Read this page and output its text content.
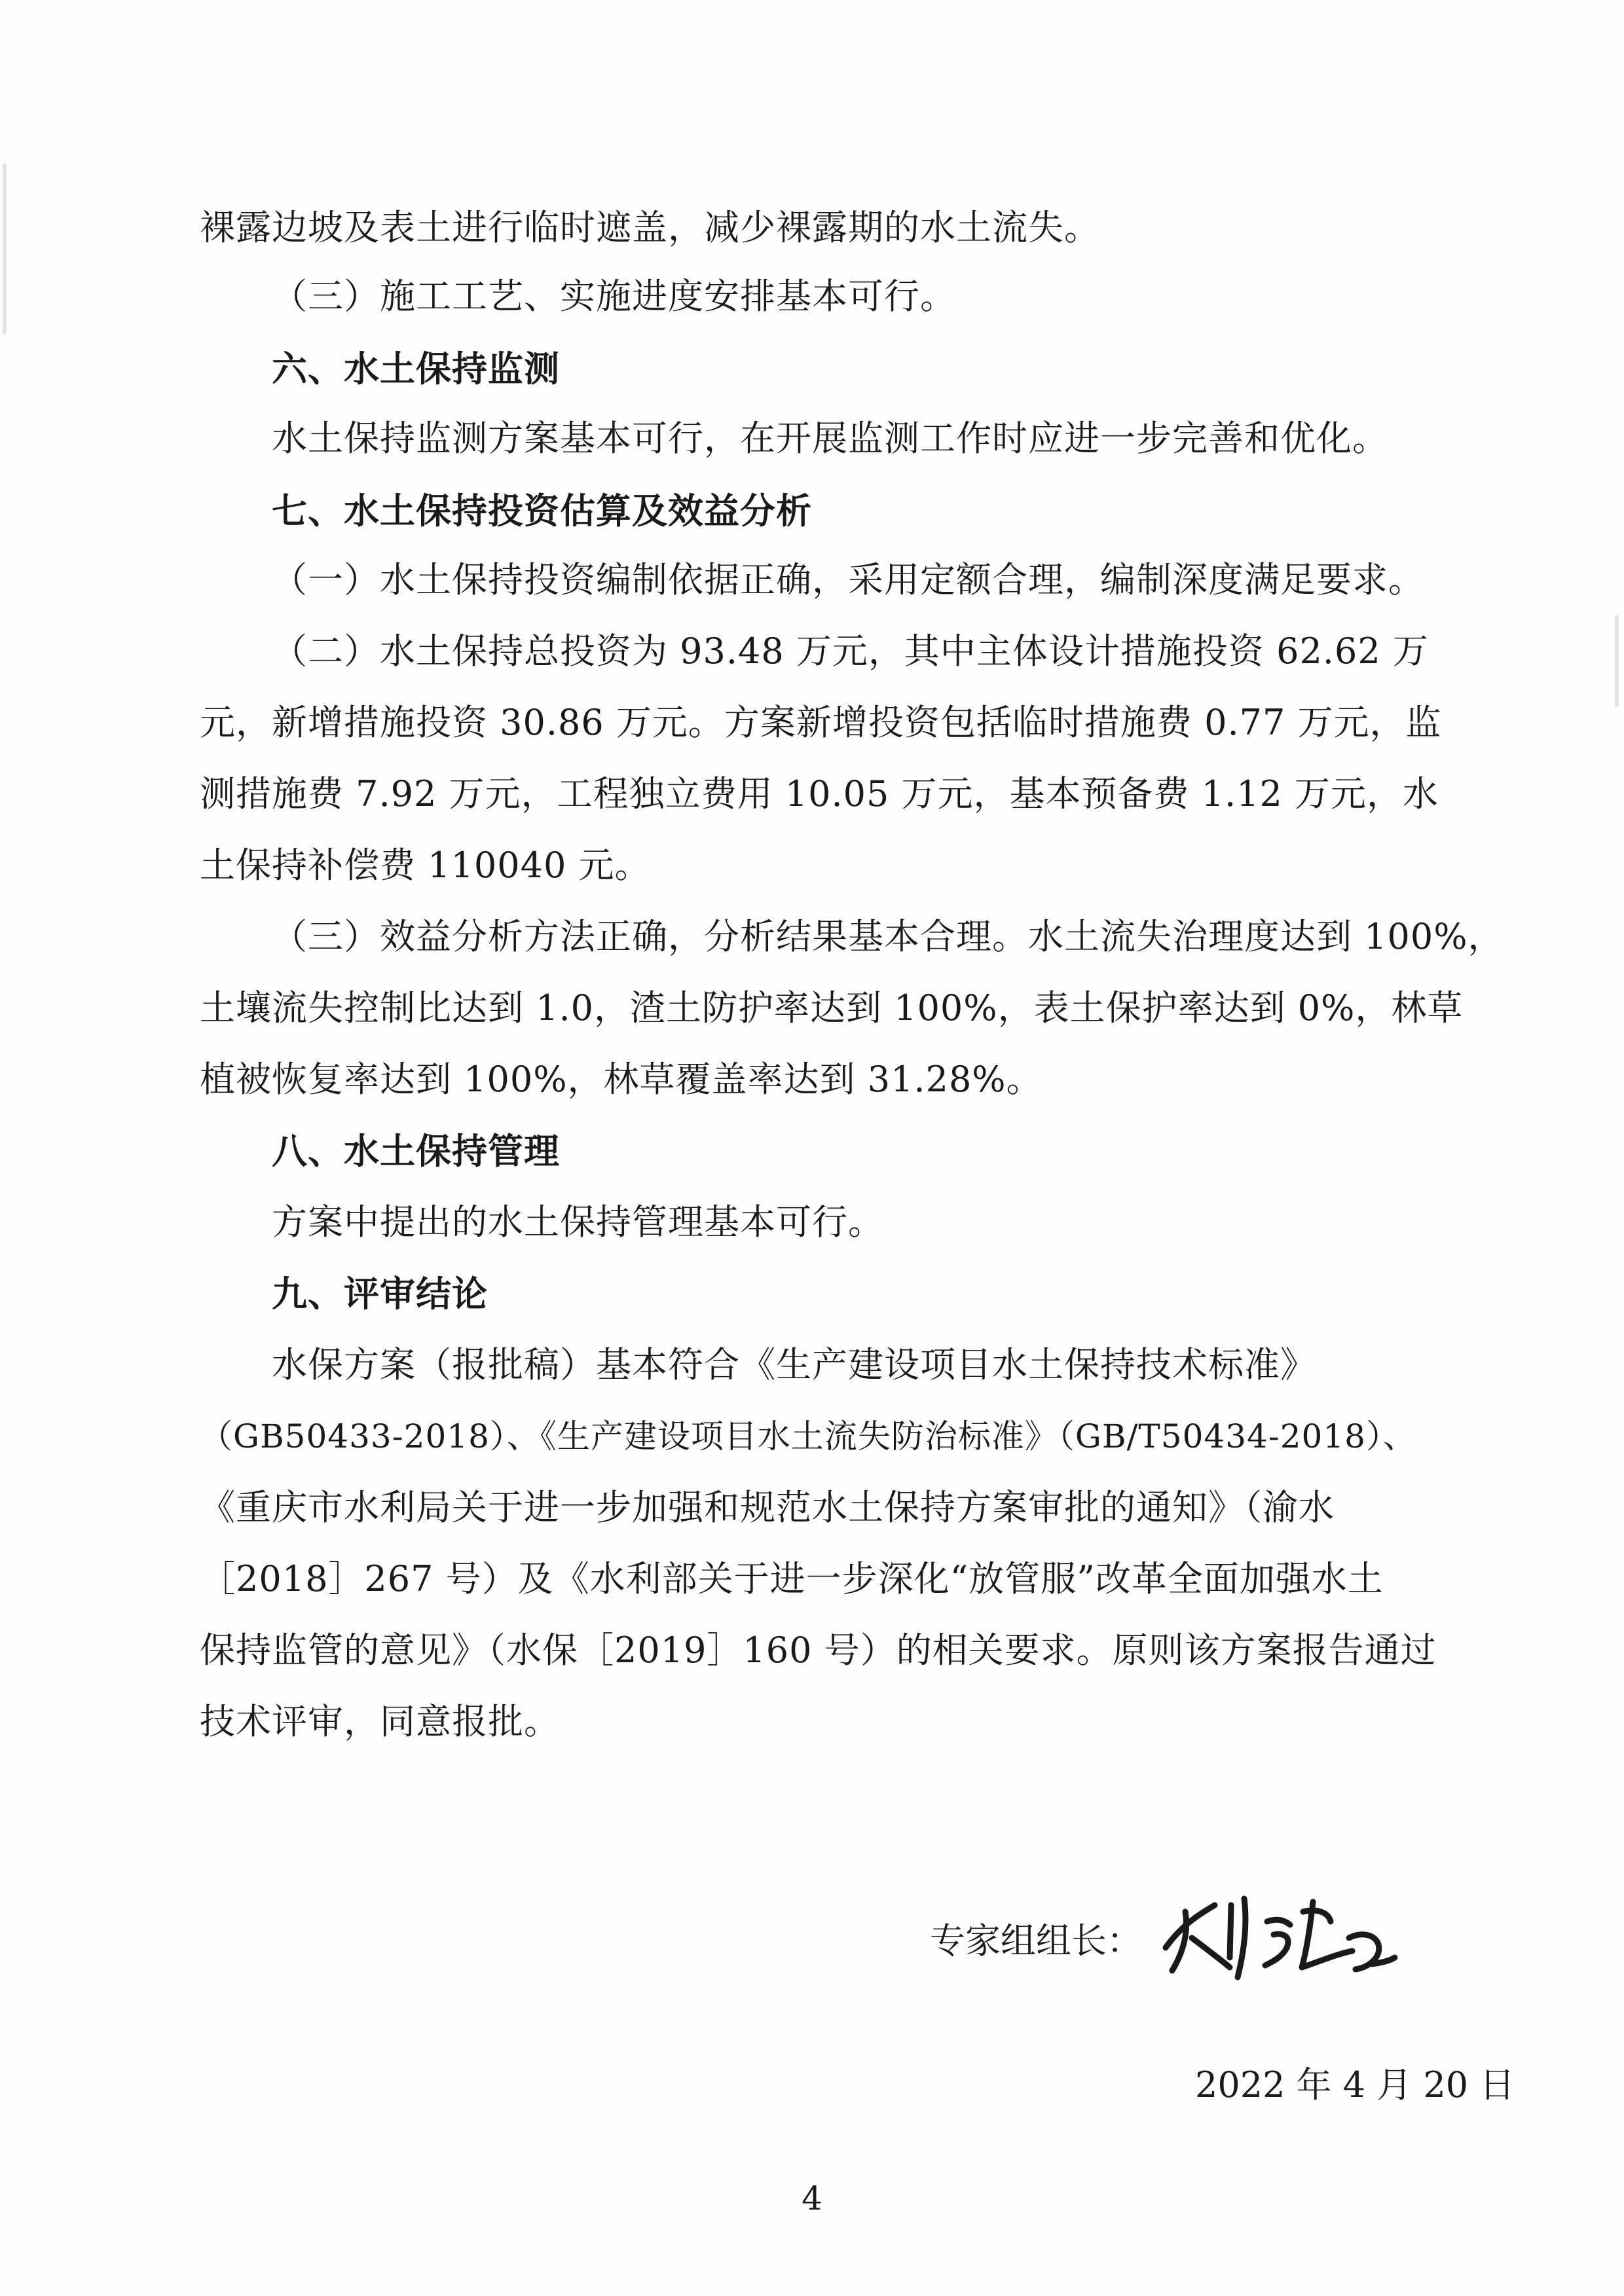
裸露边坡及表土进行临时遮盖，减少裸露期的水土流失。
（三）施工工艺、实施进度安排基本可行。
六、水土保持监测
水土保持监测方案基本可行，在开展监测工作时应进一步完善和优化。
七、水土保持投资估算及效益分析
（一）水土保持投资编制依据正确，采用定额合理，编制深度满足要求。
（二）水土保持总投资为 93.48 万元，其中主体设计措施投资 62.62 万
元，新增措施投资 30.86 万元。方案新增投资包括临时措施费 0.77 万元，监
测措施费 7.92 万元，工程独立费用 10.05 万元，基本预备费 1.12 万元，水
土保持补偿费 110040 元。
（三）效益分析方法正确，分析结果基本合理。水土流失治理度达到 100%，
土壤流失控制比达到 1.0，渣土防护率达到 100%，表土保护率达到 0%，林草
植被恢复率达到 100%，林草覆盖率达到 31.28%。
八、水土保持管理
方案中提出的水土保持管理基本可行。
九、评审结论
水保方案（报批稿）基本符合《生产建设项目水土保持技术标准》
（GB50433-2018）、《生产建设项目水土流失防治标准》（GB/T50434-2018）、
《重庆市水利局关于进一步加强和规范水土保持方案审批的通知》（渝水
［2018］267 号）及《水利部关于进一步深化“放管服”改革全面加强水土
保持监管的意见》（水保［2019］160 号）的相关要求。原则该方案报告通过
技术评审，同意报批。
专家组组长：
2022 年 4 月 20 日
4
